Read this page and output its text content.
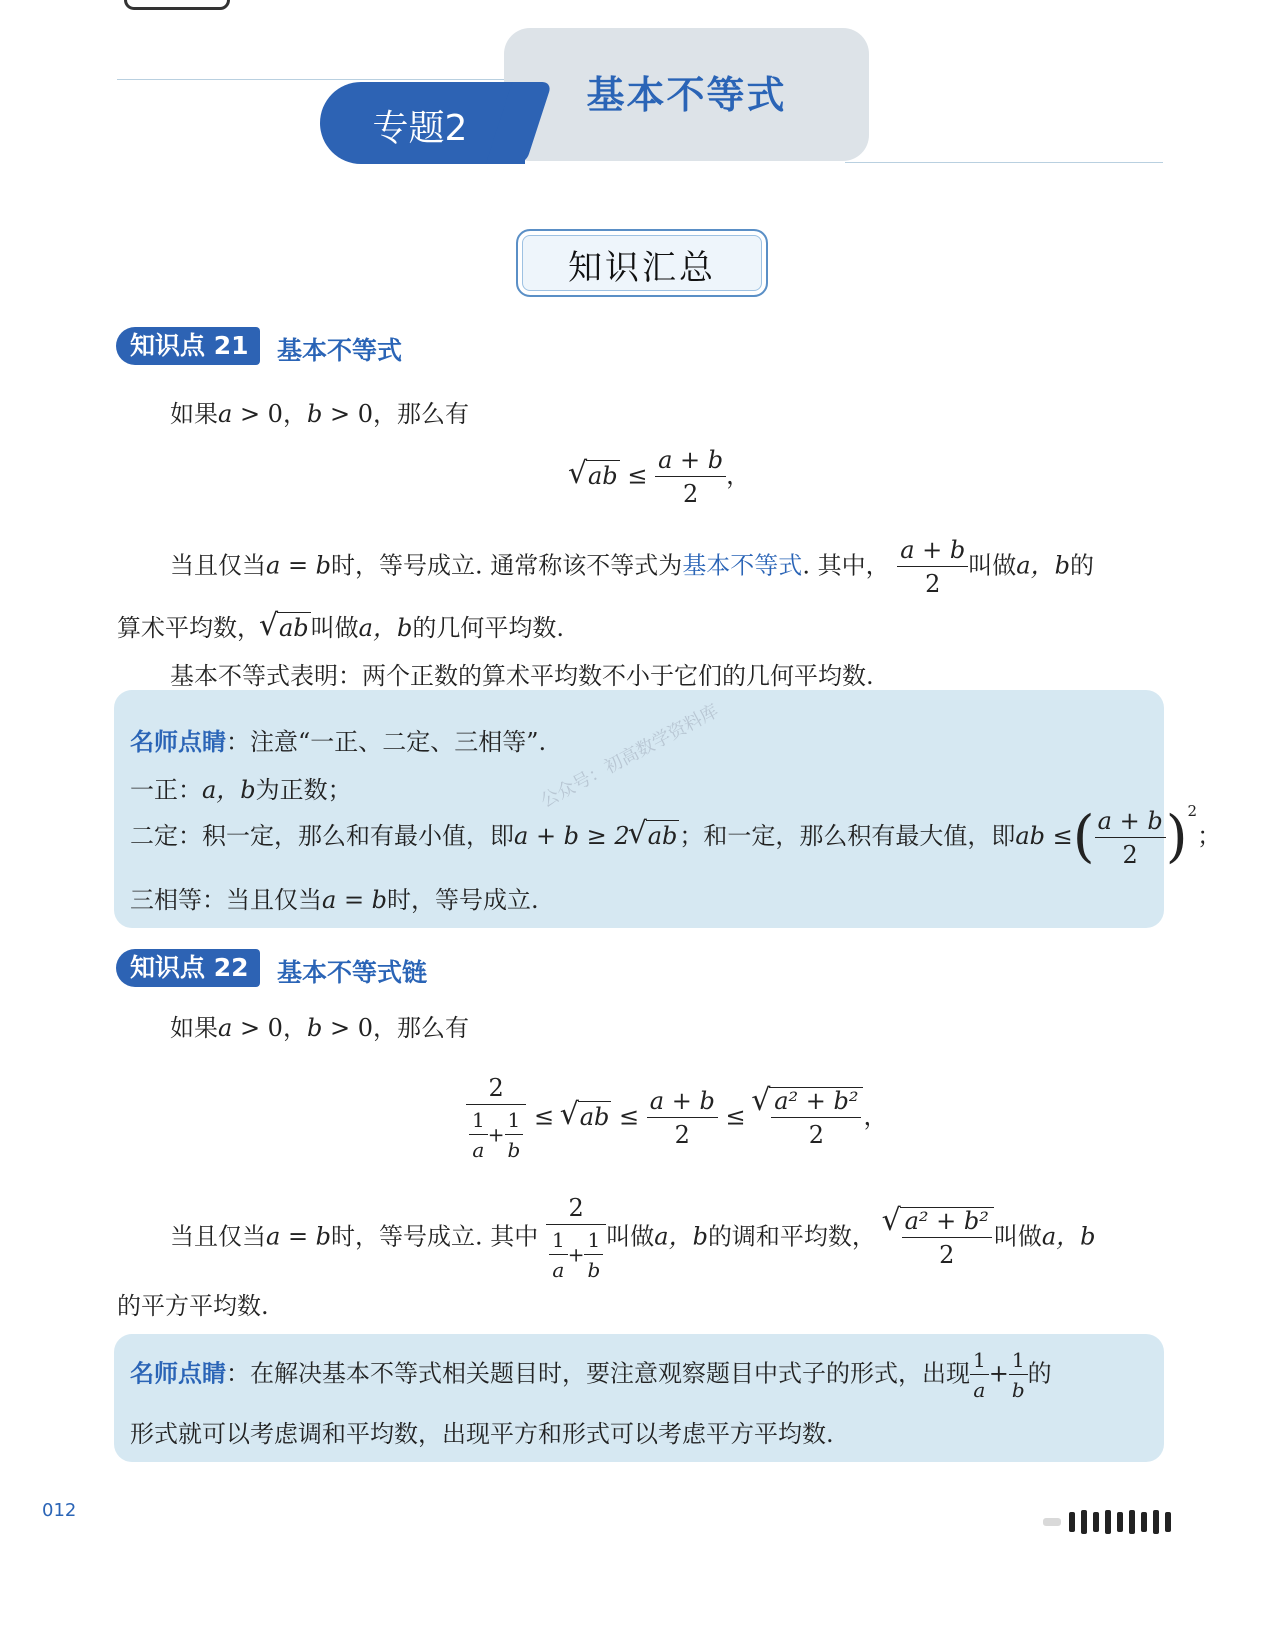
基本不等式
专题2
知识汇总
知识点 21	基本不等式
如果a > 0，b > 0，那么有
√ ab ≤ $\frac{a + b}{2}$ ，
当且仅当a = b时，等号成立. 通常称该不等式为基本不等式. 其中， $\frac{a + b}{2}$ 叫做a，b的
算术平均数， √ ab叫做a，b的几何平均数.
基本不等式表明：两个正数的算术平均数不小于它们的几何平均数.
公众号：初高数学资料库
名师点睛：注意“一正、二定、三相等”.
一正：a，b为正数；
二定：积一定，那么和有最小值，即a + b ≥ 2 √ ab；和一定，那么积有最大值，即ab ≤( $\frac{a + b}{2} )^2$；
三相等：当且仅当a = b时，等号成立.
知识点 22	基本不等式链
如果a > 0，b > 0，那么有
$\frac{2}{\frac{1}{a} + \frac{1}{b}}$ ≤ √ ab ≤ $\frac{a + b}{2}$ ≤ √ $\frac{\text{a² + b²}}{2}$ ，
当且仅当a = b时，等号成立. 其中 $\frac{2}{\frac{1}{a} + \frac{1}{b}}$ 叫做a，b的调和平均数， √ $\frac{\text{a² + b²}}{2}$ 叫做a，b
的平方平均数.
名师点睛：在解决基本不等式相关题目时，要注意观察题目中式子的形式，出现 $\frac{1}{a} + \frac{1}{b}$ 的
形式就可以考虑调和平均数，出现平方和形式可以考虑平方平均数.
012
